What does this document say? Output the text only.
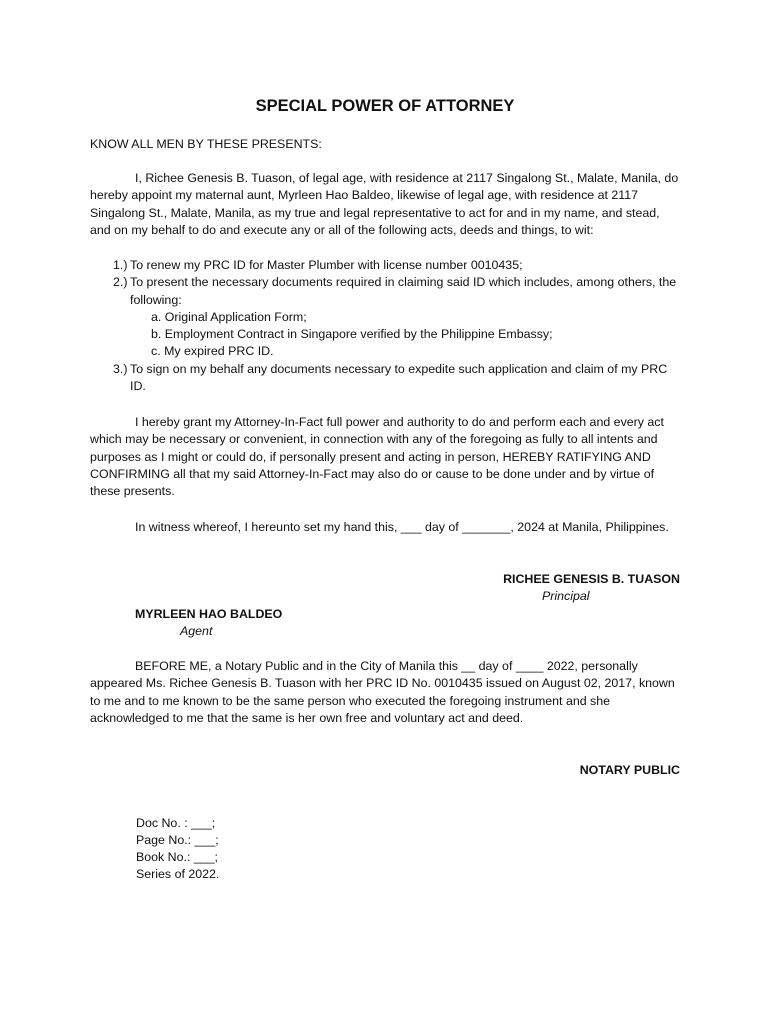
SPECIAL POWER OF ATTORNEY

KNOW ALL MEN BY THESE PRESENTS:

I, Richee Genesis B. Tuason, of legal age, with residence at 2117 Singalong St., Malate, Manila, do hereby appoint my maternal aunt, Myrleen Hao Baldeo, likewise of legal age, with residence at 2117 Singalong St., Malate, Manila, as my true and legal representative to act for and in my name, and stead, and on my behalf to do and execute any or all of the following acts, deeds and things, to wit:

1.) To renew my PRC ID for Master Plumber with license number 0010435;
2.) To present the necessary documents required in claiming said ID which includes, among others, the following:
a. Original Application Form;
b. Employment Contract in Singapore verified by the Philippine Embassy;
c. My expired PRC ID.
3.) To sign on my behalf any documents necessary to expedite such application and claim of my PRC ID.

I hereby grant my Attorney-In-Fact full power and authority to do and perform each and every act which may be necessary or convenient, in connection with any of the foregoing as fully to all intents and purposes as I might or could do, if personally present and acting in person, HEREBY RATIFYING AND CONFIRMING all that my said Attorney-In-Fact may also do or cause to be done under and by virtue of these presents.

In witness whereof, I hereunto set my hand this, ___ day of _______, 2024 at Manila, Philippines.

RICHEE GENESIS B. TUASON
Principal
MYRLEEN HAO BALDEO
Agent

BEFORE ME, a Notary Public and in the City of Manila this __ day of ____ 2022, personally appeared Ms. Richee Genesis B. Tuason with her PRC ID No. 0010435 issued on August 02, 2017, known to me and to me known to be the same person who executed the foregoing instrument and she acknowledged to me that the same is her own free and voluntary act and deed.

NOTARY PUBLIC
Doc No. : ___;
Page No.: ___;
Book No.: ___;
Series of 2022.
